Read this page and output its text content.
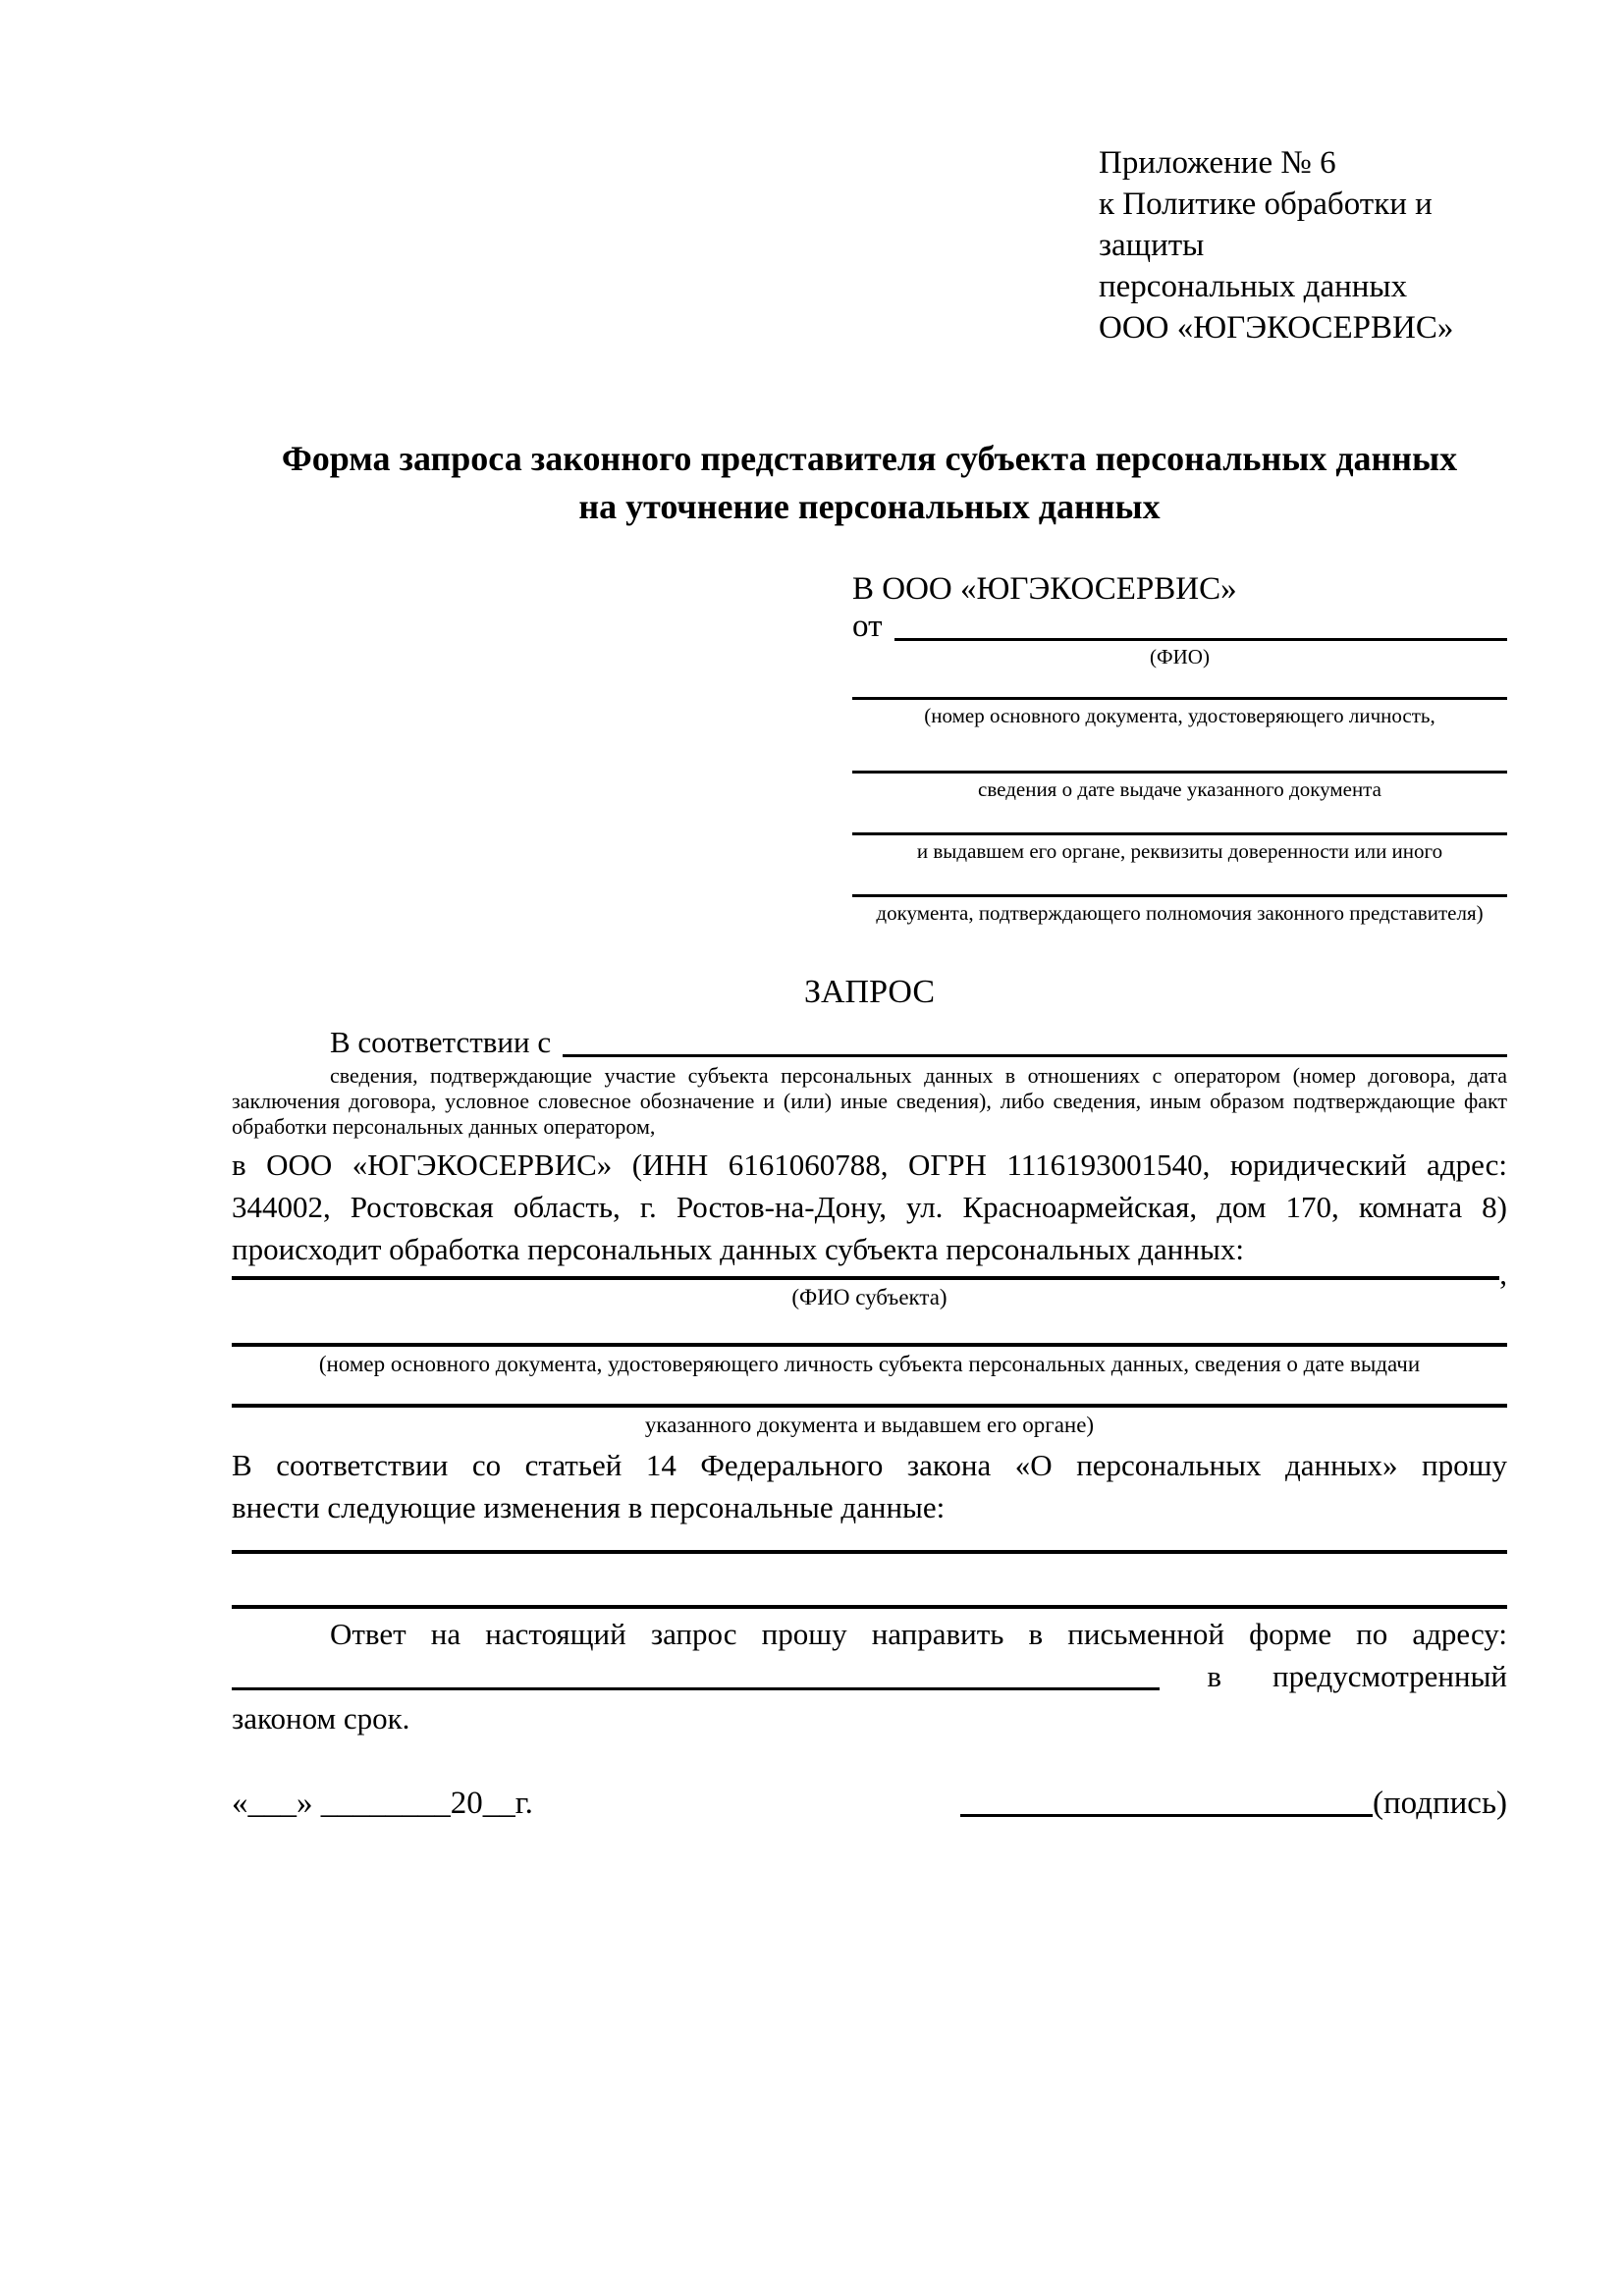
Приложение № 6
к Политике обработки и защиты
персональных данных
ООО «ЮГЭКОСЕРВИС»
Форма запроса законного представителя субъекта персональных данных
на уточнение персональных данных
В ООО «ЮГЭКОСЕРВИС»
от
(ФИО)
(номер основного документа, удостоверяющего личность,
сведения о дате выдаче указанного документа
и выдавшем его органе, реквизиты доверенности или иного
документа, подтверждающего полномочия законного представителя)
ЗАПРОС
В соответствии с
сведения, подтверждающие участие субъекта персональных данных в отношениях с оператором (номер договора, дата
заключения договора, условное словесное обозначение и (или) иные сведения), либо сведения, иным образом подтверждающие факт
обработки персональных данных оператором,
в ООО «ЮГЭКОСЕРВИС» (ИНН 6161060788, ОГРН 1116193001540, юридический адрес:
344002, Ростовская область, г. Ростов-на-Дону, ул. Красноармейская, дом 170, комната 8)
происходит обработка персональных данных субъекта персональных данных:
,
(ФИО субъекта)
(номер основного документа, удостоверяющего личность субъекта персональных данных, сведения о дате выдачи
указанного документа и выдавшем его органе)
В соответствии со статьей 14 Федерального закона «О персональных данных» прошу
внести следующие изменения в персональные данные:
Ответ на настоящий запрос прошу направить в письменной форме по адресу:
в предусмотренный
законом срок.
«___» ________20__г.	(подпись)
